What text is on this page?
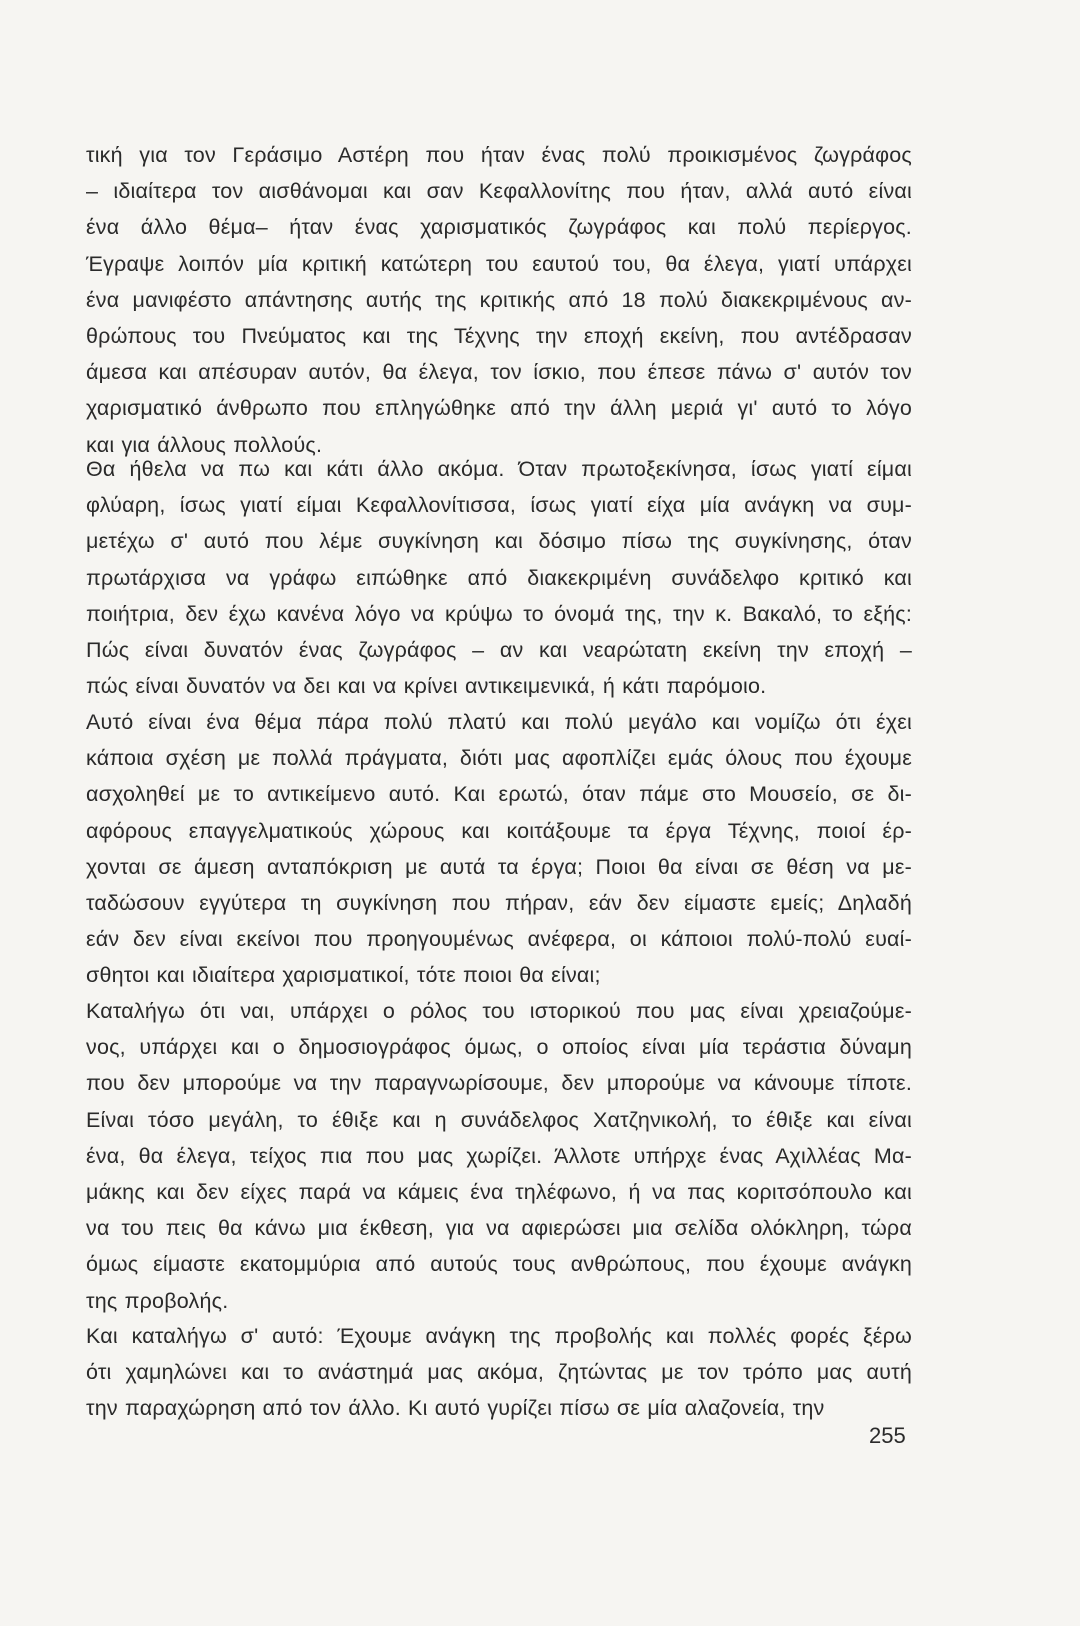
τική για τον Γεράσιμο Αστέρη που ήταν ένας πολύ προικισμένος ζωγράφος
– ιδιαίτερα τον αισθάνομαι και σαν Κεφαλλονίτης που ήταν, αλλά αυτό είναι
ένα άλλο θέμα– ήταν ένας χαρισματικός ζωγράφος και πολύ περίεργος.
Έγραψε λοιπόν μία κριτική κατώτερη του εαυτού του, θα έλεγα, γιατί υπάρχει
ένα μανιφέστο απάντησης αυτής της κριτικής από 18 πολύ διακεκριμένους αν-
θρώπους του Πνεύματος και της Τέχνης την εποχή εκείνη, που αντέδρασαν
άμεσα και απέσυραν αυτόν, θα έλεγα, τον ίσκιο, που έπεσε πάνω σ' αυτόν τον
χαρισματικό άνθρωπο που επληγώθηκε από την άλλη μεριά γι' αυτό το λόγο
και για άλλους πολλούς.
Θα ήθελα να πω και κάτι άλλο ακόμα. Όταν πρωτοξεκίνησα, ίσως γιατί είμαι
φλύαρη, ίσως γιατί είμαι Κεφαλλονίτισσα, ίσως γιατί είχα μία ανάγκη να συμ-
μετέχω σ' αυτό που λέμε συγκίνηση και δόσιμο πίσω της συγκίνησης, όταν
πρωτάρχισα να γράφω ειπώθηκε από διακεκριμένη συνάδελφο κριτικό και
ποιήτρια, δεν έχω κανένα λόγο να κρύψω το όνομά της, την κ. Βακαλό, το εξής:
Πώς είναι δυνατόν ένας ζωγράφος – αν και νεαρώτατη εκείνη την εποχή –
πώς είναι δυνατόν να δει και να κρίνει αντικειμενικά, ή κάτι παρόμοιο.
Αυτό είναι ένα θέμα πάρα πολύ πλατύ και πολύ μεγάλο και νομίζω ότι έχει
κάποια σχέση με πολλά πράγματα, διότι μας αφοπλίζει εμάς όλους που έχουμε
ασχοληθεί με το αντικείμενο αυτό. Και ερωτώ, όταν πάμε στο Μουσείο, σε δι-
αφόρους επαγγελματικούς χώρους και κοιτάξουμε τα έργα Τέχνης, ποιοί έρ-
χονται σε άμεση ανταπόκριση με αυτά τα έργα; Ποιοι θα είναι σε θέση να με-
ταδώσουν εγγύτερα τη συγκίνηση που πήραν, εάν δεν είμαστε εμείς; Δηλαδή
εάν δεν είναι εκείνοι που προηγουμένως ανέφερα, οι κάποιοι πολύ-πολύ ευαί-
σθητοι και ιδιαίτερα χαρισματικοί, τότε ποιοι θα είναι;
Καταλήγω ότι ναι, υπάρχει ο ρόλος του ιστορικού που μας είναι χρειαζούμε-
νος, υπάρχει και ο δημοσιογράφος όμως, ο οποίος είναι μία τεράστια δύναμη
που δεν μπορούμε να την παραγνωρίσουμε, δεν μπορούμε να κάνουμε τίποτε.
Είναι τόσο μεγάλη, το έθιξε και η συνάδελφος Χατζηνικολή, το έθιξε και είναι
ένα, θα έλεγα, τείχος πια που μας χωρίζει. Άλλοτε υπήρχε ένας Αχιλλέας Μα-
μάκης και δεν είχες παρά να κάμεις ένα τηλέφωνο, ή να πας κοριτσόπουλο και
να του πεις θα κάνω μια έκθεση, για να αφιερώσει μια σελίδα ολόκληρη, τώρα
όμως είμαστε εκατομμύρια από αυτούς τους ανθρώπους, που έχουμε ανάγκη
της προβολής.
Και καταλήγω σ' αυτό: Έχουμε ανάγκη της προβολής και πολλές φορές ξέρω
ότι χαμηλώνει και το ανάστημά μας ακόμα, ζητώντας με τον τρόπο μας αυτή
την παραχώρηση από τον άλλο. Κι αυτό γυρίζει πίσω σε μία αλαζονεία, την
255
